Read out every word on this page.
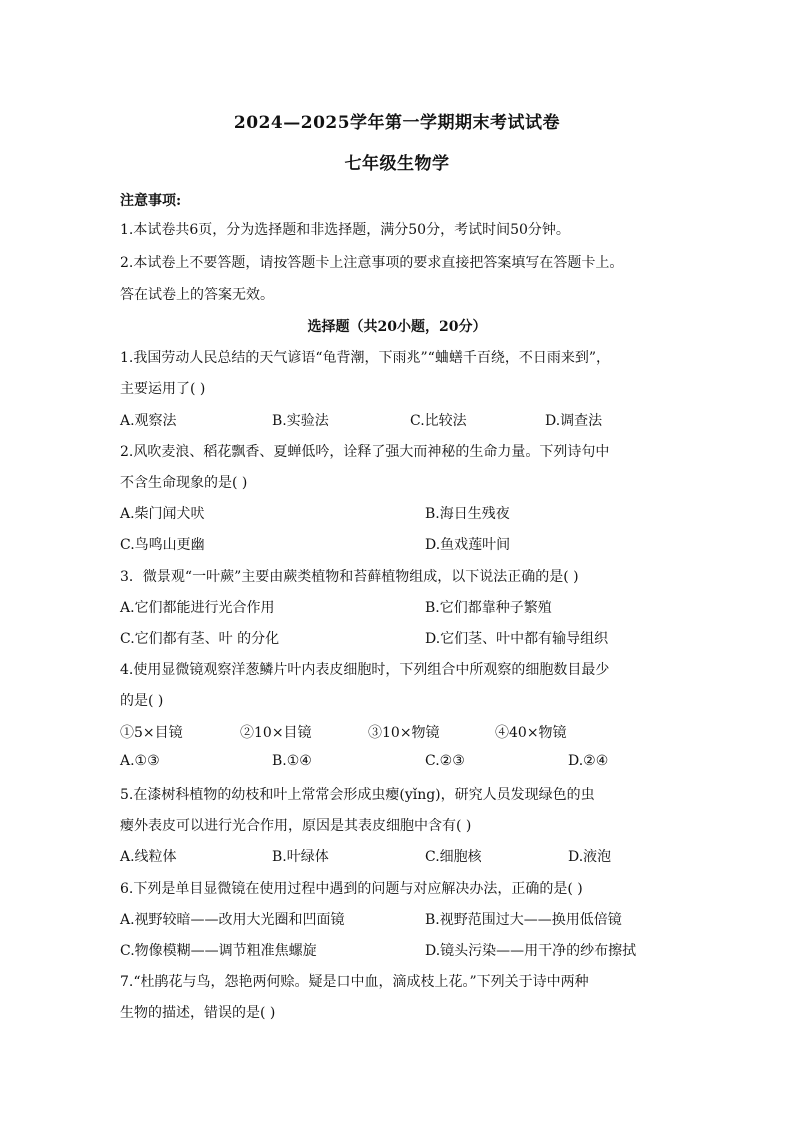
2024—2025学年第一学期期末考试试卷
七年级生物学
注意事项:
1.本试卷共6页，分为选择题和非选择题，满分50分，考试时间50分钟。
2.本试卷上不要答题，请按答题卡上注意事项的要求直接把答案填写在答题卡上。
答在试卷上的答案无效。
选择题（共20小题，20分）
1.我国劳动人民总结的天气谚语“龟背潮，下雨兆”“蛐蟮千百绕，不日雨来到”，
主要运用了( )
A.观察法	B.实验法	C.比较法	D.调查法
2.风吹麦浪、稻花飘香、夏蝉低吟，诠释了强大而神秘的生命力量。下列诗句中
不含生命现象的是( )
A.柴门闻犬吠	B.海日生残夜
C.鸟鸣山更幽	D.鱼戏莲叶间
3．微景观“一叶蕨”主要由蕨类植物和苔藓植物组成，以下说法正确的是( )
A.它们都能进行光合作用	B.它们都靠种子繁殖
C.它们都有茎、叶 的分化	D.它们茎、叶中都有输导组织
4.使用显微镜观察洋葱鳞片叶内表皮细胞时，下列组合中所观察的细胞数目最少
的是( )
①5×目镜	②10×目镜	③10×物镜	④40×物镜
A.①③	B.①④	C.②③	D.②④
5.在漆树科植物的幼枝和叶上常常会形成虫瘿(yǐng)，研究人员发现绿色的虫
瘿外表皮可以进行光合作用，原因是其表皮细胞中含有( )
A.线粒体	B.叶绿体	C.细胞核	D.液泡
6.下列是单目显微镜在使用过程中遇到的问题与对应解决办法，正确的是( )
A.视野较暗——改用大光圈和凹面镜	B.视野范围过大——换用低倍镜
C.物像模糊——调节粗准焦螺旋	D.镜头污染——用干净的纱布擦拭
7.“杜鹃花与鸟，怨艳两何赊。疑是口中血，滴成枝上花。”下列关于诗中两种
生物的描述，错误的是( )
